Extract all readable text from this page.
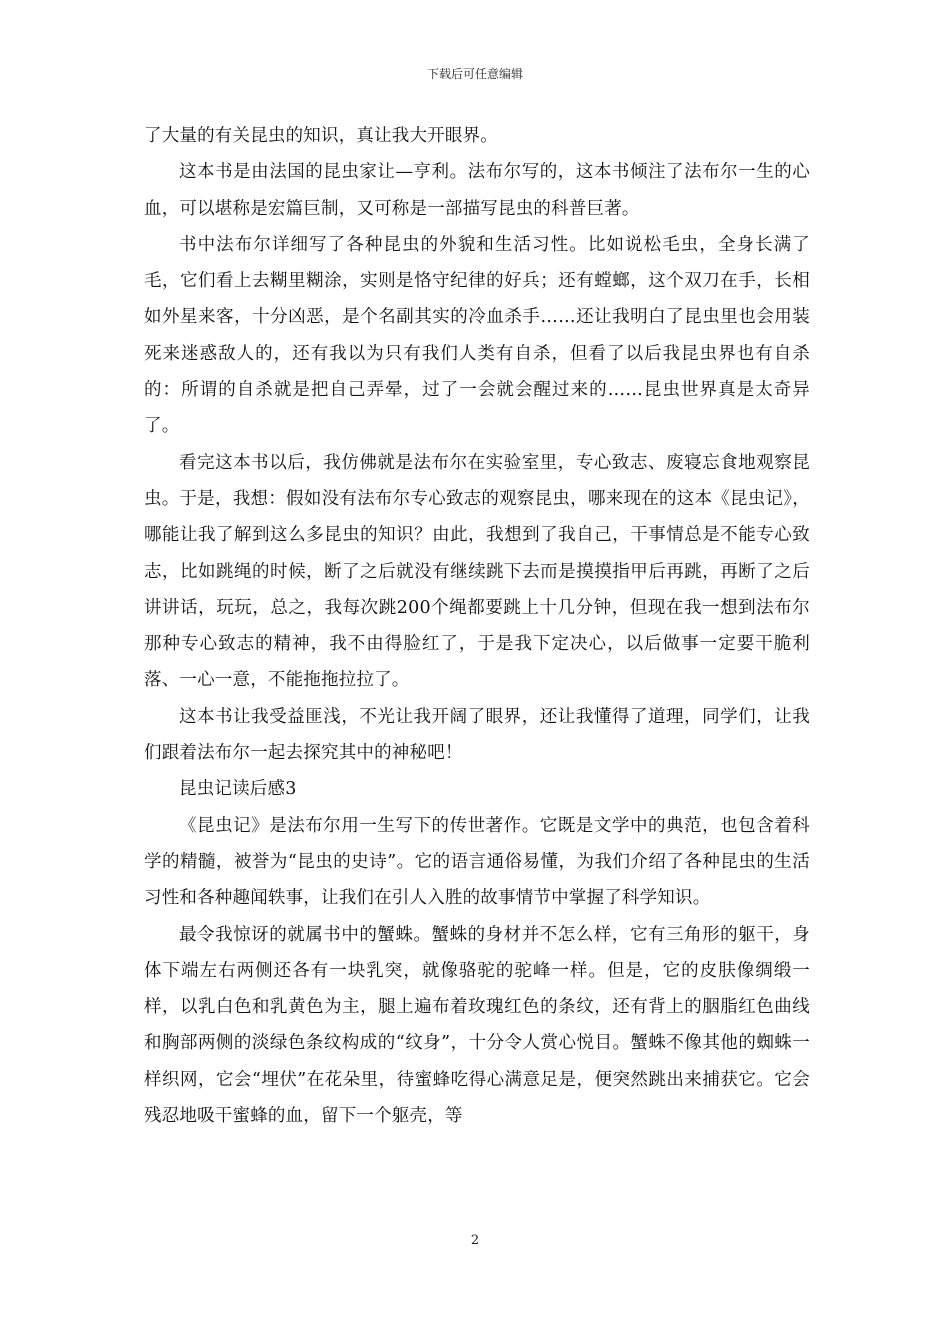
下载后可任意编辑

了大量的有关昆虫的知识，真让我大开眼界。

这本书是由法国的昆虫家让—亨利。法布尔写的，这本书倾注了法布尔一生的心血，可以堪称是宏篇巨制，又可称是一部描写昆虫的科普巨著。

书中法布尔详细写了各种昆虫的外貌和生活习性。比如说松毛虫，全身长满了毛，它们看上去糊里糊涂，实则是恪守纪律的好兵；还有螳螂，这个双刀在手，长相如外星来客，十分凶恶，是个名副其实的冷血杀手……还让我明白了昆虫里也会用装死来迷惑敌人的，还有我以为只有我们人类有自杀，但看了以后我昆虫界也有自杀的：所谓的自杀就是把自己弄晕，过了一会就会醒过来的……昆虫世界真是太奇异了。

看完这本书以后，我仿佛就是法布尔在实验室里，专心致志、废寝忘食地观察昆虫。于是，我想：假如没有法布尔专心致志的观察昆虫，哪来现在的这本《昆虫记》，哪能让我了解到这么多昆虫的知识？由此，我想到了我自己，干事情总是不能专心致志，比如跳绳的时候，断了之后就没有继续跳下去而是摸摸指甲后再跳，再断了之后讲讲话，玩玩，总之，我每次跳200个绳都要跳上十几分钟，但现在我一想到法布尔那种专心致志的精神，我不由得脸红了，于是我下定决心，以后做事一定要干脆利落、一心一意，不能拖拖拉拉了。

这本书让我受益匪浅，不光让我开阔了眼界，还让我懂得了道理，同学们，让我们跟着法布尔一起去探究其中的神秘吧！

昆虫记读后感3

《昆虫记》是法布尔用一生写下的传世著作。它既是文学中的典范，也包含着科学的精髓，被誉为“昆虫的史诗”。它的语言通俗易懂，为我们介绍了各种昆虫的生活习性和各种趣闻轶事，让我们在引人入胜的故事情节中掌握了科学知识。

最令我惊讶的就属书中的蟹蛛。蟹蛛的身材并不怎么样，它有三角形的躯干，身体下端左右两侧还各有一块乳突，就像骆驼的驼峰一样。但是，它的皮肤像绸缎一样，以乳白色和乳黄色为主，腿上遍布着玫瑰红色的条纹，还有背上的胭脂红色曲线和胸部两侧的淡绿色条纹构成的“纹身”，十分令人赏心悦目。蟹蛛不像其他的蜘蛛一样织网，它会“埋伏”在花朵里，待蜜蜂吃得心满意足是，便突然跳出来捕获它。它会残忍地吸干蜜蜂的血，留下一个躯壳，等

2
